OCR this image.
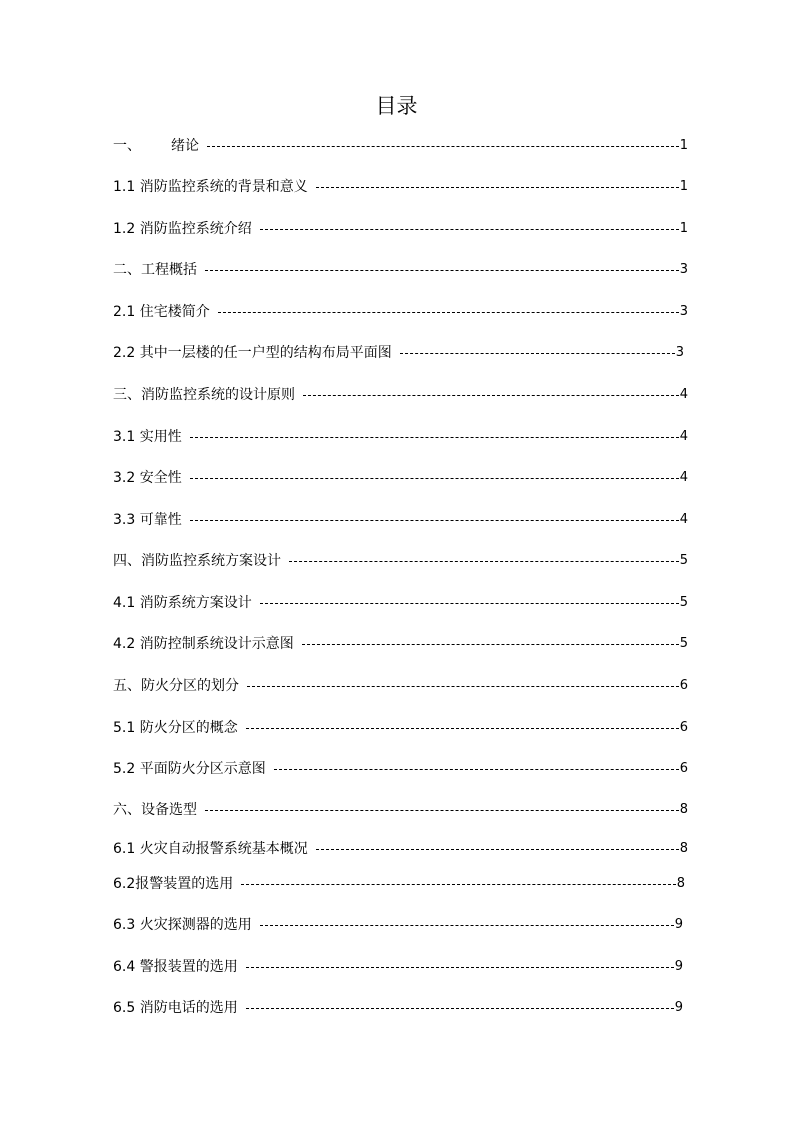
目录
一、 绪论	1
1.1 消防监控系统的背景和意义	1
1.2 消防监控系统介绍	1
二、工程概括	3
2.1 住宅楼简介	3
2.2 其中一层楼的任一户型的结构布局平面图	3
三、消防监控系统的设计原则	4
3.1 实用性	4
3.2 安全性	4
3.3 可靠性	4
四、消防监控系统方案设计	5
4.1 消防系统方案设计	5
4.2 消防控制系统设计示意图	5
五、防火分区的划分	6
5.1 防火分区的概念	6
5.2 平面防火分区示意图	6
六、设备选型	8
6.1 火灾自动报警系统基本概况	8
6.2报警装置的选用	8
6.3 火灾探测器的选用	9
6.4 警报装置的选用	9
6.5 消防电话的选用	9
